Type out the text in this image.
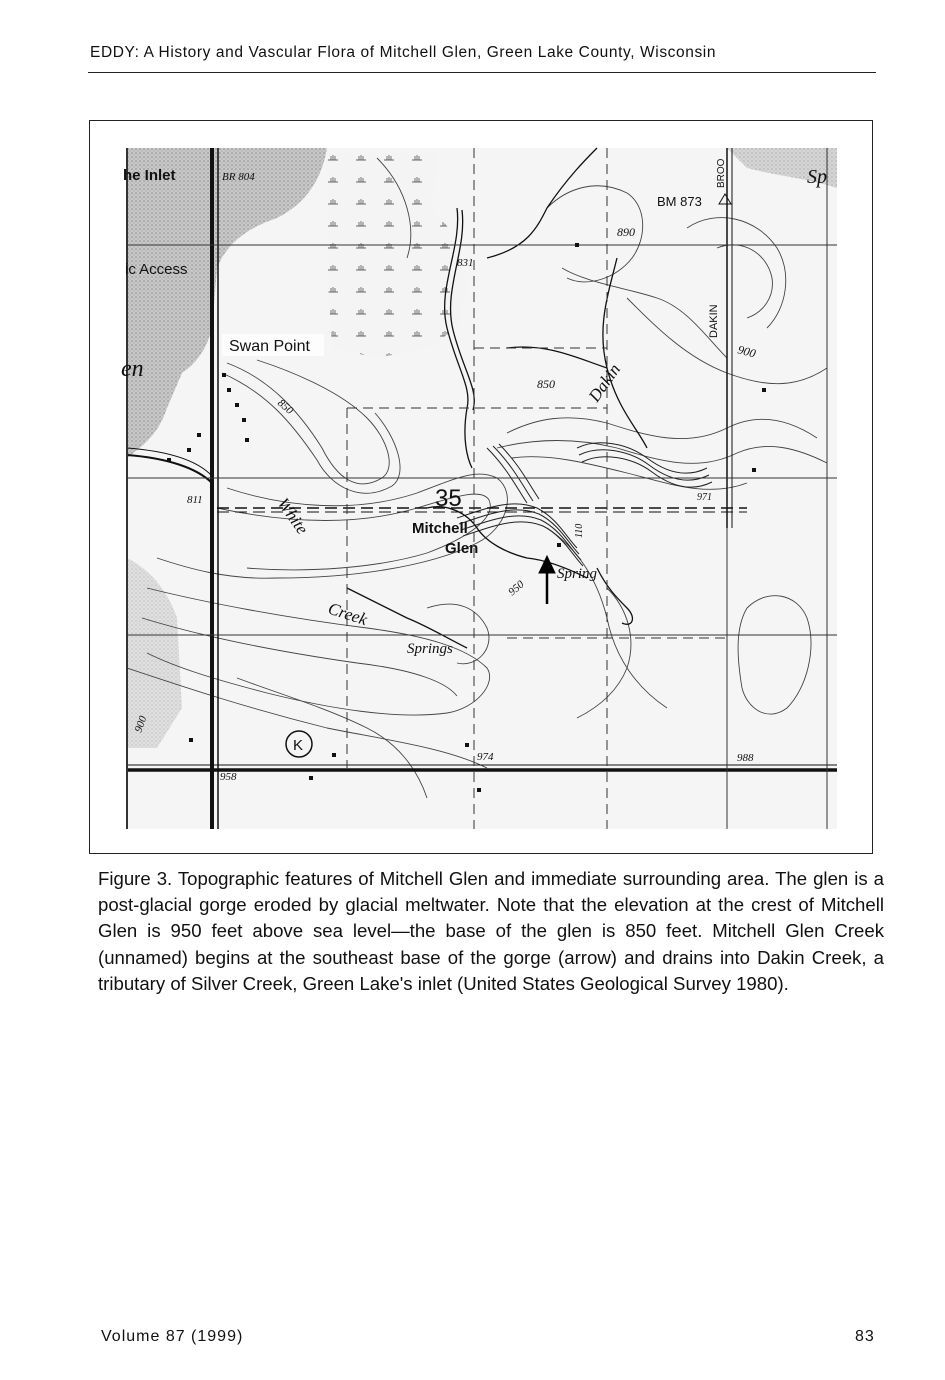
EDDY: A History and Vascular Flora of Mitchell Glen, Green Lake County, Wisconsin
K
he Inlet	BR 804
ic Access
Swan Point
en
850
811
831
BM 873
890
DAKIN
BROO	Sp
900
850 Dakin
35
Mitchell
Glen
White
Creek
Springs
Spring
950
110
974
958
988
971
900
Figure 3. Topographic features of Mitchell Glen and immediate surrounding area. The glen is a post-glacial gorge eroded by glacial meltwater. Note that the elevation at the crest of Mitchell Glen is 950 feet above sea level—the base of the glen is 850 feet. Mitchell Glen Creek (unnamed) begins at the southeast base of the gorge (arrow) and drains into Dakin Creek, a tributary of Silver Creek, Green Lake's inlet (United States Geological Survey 1980).
Volume 87 (1999)	83
